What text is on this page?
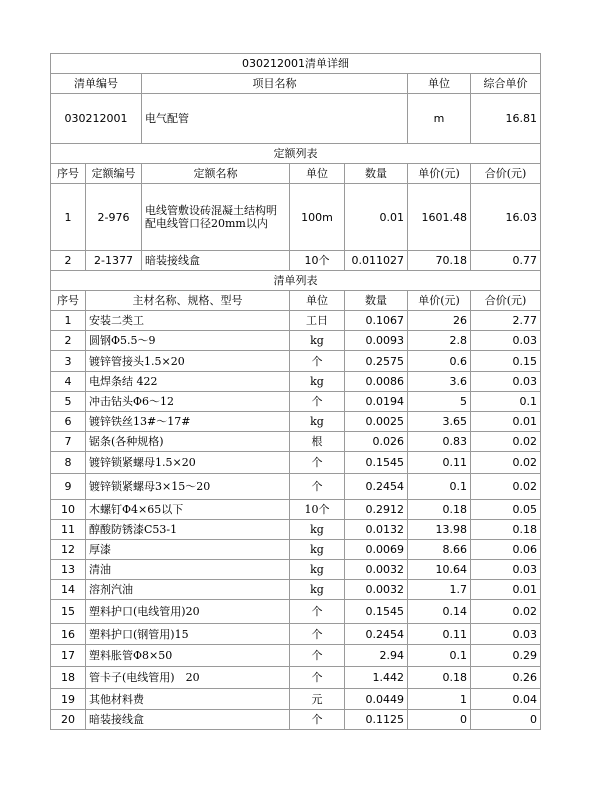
030212001清单详细						
清单编号		项目名称			单位	综合单价
030212001		电气配管			m	16.81
定额列表						
序号	定额编号	定额名称	单位	数量	单价(元)	合价(元)
1	2-976	电线管敷设砖混凝土结构明配电线管口径20mm以内	100m	0.01	1601.48	16.03
2	2-1377	暗装接线盒	10个	0.011027	70.18	0.77
清单列表						
序号	主材名称、规格、型号		单位	数量	单价(元)	合价(元)
1	安装二类工		工日	0.1067	26	2.77
2	圆钢Φ5.5～9		kg	0.0093	2.8	0.03
3	镀锌管接头1.5×20		个	0.2575	0.6	0.15
4	电焊条结 422		kg	0.0086	3.6	0.03
5	冲击钻头Φ6～12		个	0.0194	5	0.1
6	镀锌铁丝13#～17#		kg	0.0025	3.65	0.01
7	锯条(各种规格)		根	0.026	0.83	0.02
8	镀锌锁紧螺母1.5×20		个	0.1545	0.11	0.02
9	镀锌锁紧螺母3×15～20		个	0.2454	0.1	0.02
10	木螺钉Φ4×65以下		10个	0.2912	0.18	0.05
11	醇酸防锈漆C53-1		kg	0.0132	13.98	0.18
12	厚漆		kg	0.0069	8.66	0.06
13	清油		kg	0.0032	10.64	0.03
14	溶剂汽油		kg	0.0032	1.7	0.01
15	塑料护口(电线管用)20		个	0.1545	0.14	0.02
16	塑料护口(钢管用)15		个	0.2454	0.11	0.03
17	塑料胀管Φ8×50		个	2.94	0.1	0.29
18	管卡子(电线管用)　20		个	1.442	0.18	0.26
19	其他材料费		元	0.0449	1	0.04
20	暗装接线盒		个	0.1125	0	0
